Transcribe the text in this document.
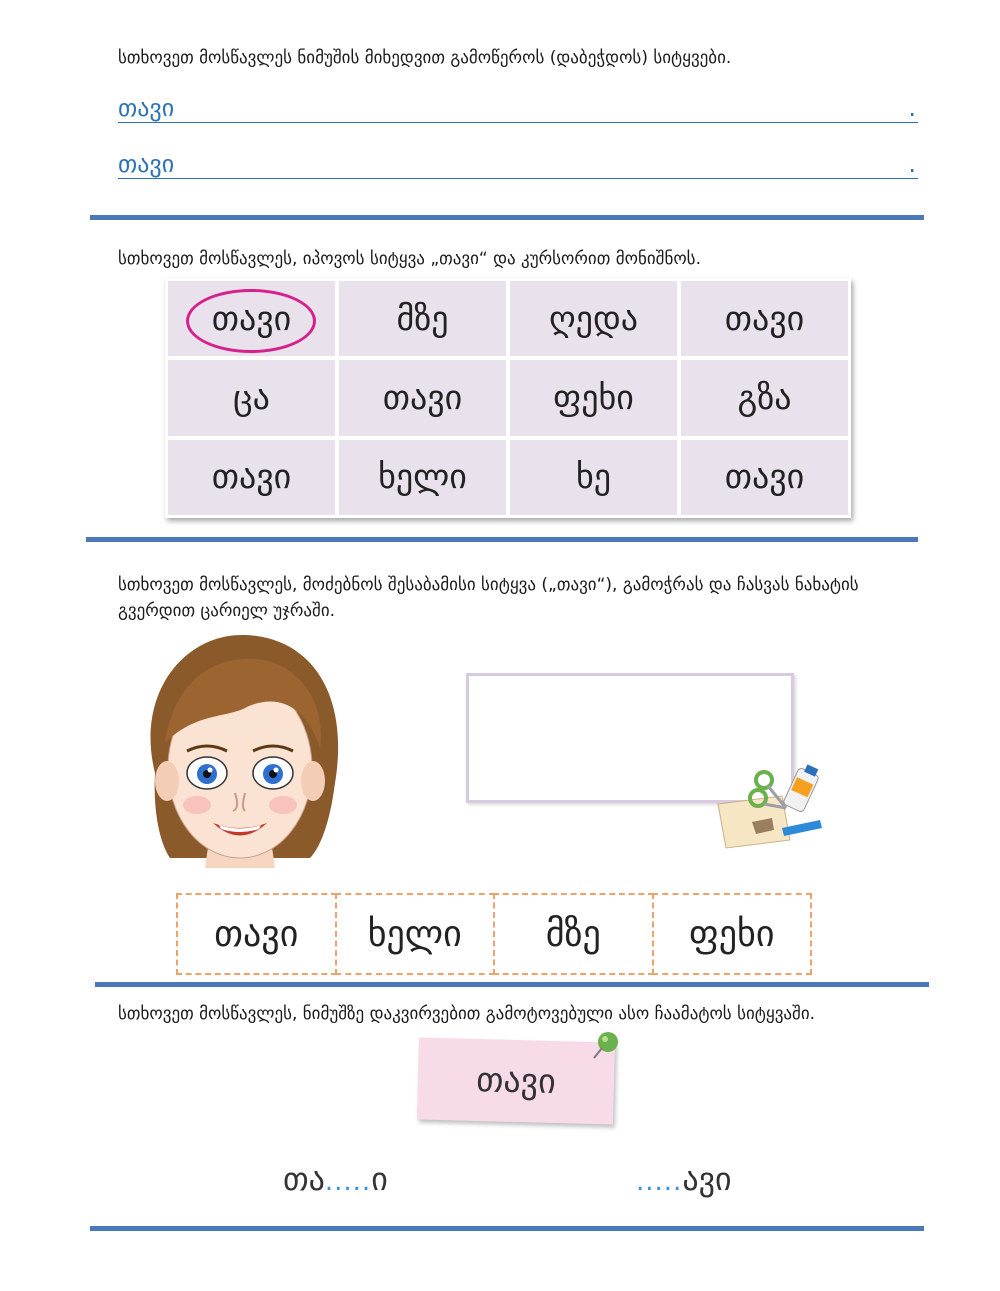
სთხოვეთ მოსწავლეს ნიმუშის მიხედვით გამოწეროს (დაბეჭდოს) სიტყვები.
თავი	.
თავი	.
სთხოვეთ მოსწავლეს, იპოვოს სიტყვა „თავი“ და კურსორით მონიშნოს.
თავი	მზე	ღედა	თავი
ცა	თავი	ფეხი	გზა
თავი	ხელი	ხე	თავი
სთხოვეთ მოსწავლეს, მოძებნოს შესაბამისი სიტყვა („თავი“), გამოჭრას და ჩასვას ნახატის
გვერდით ცარიელ უჯრაში.
თავი ხელი მზე ფეხი
სთხოვეთ მოსწავლეს, ნიმუშზე დაკვირვებით გამოტოვებული ასო ჩაამატოს სიტყვაში.
თავი
თა.....ი	.....ავი
